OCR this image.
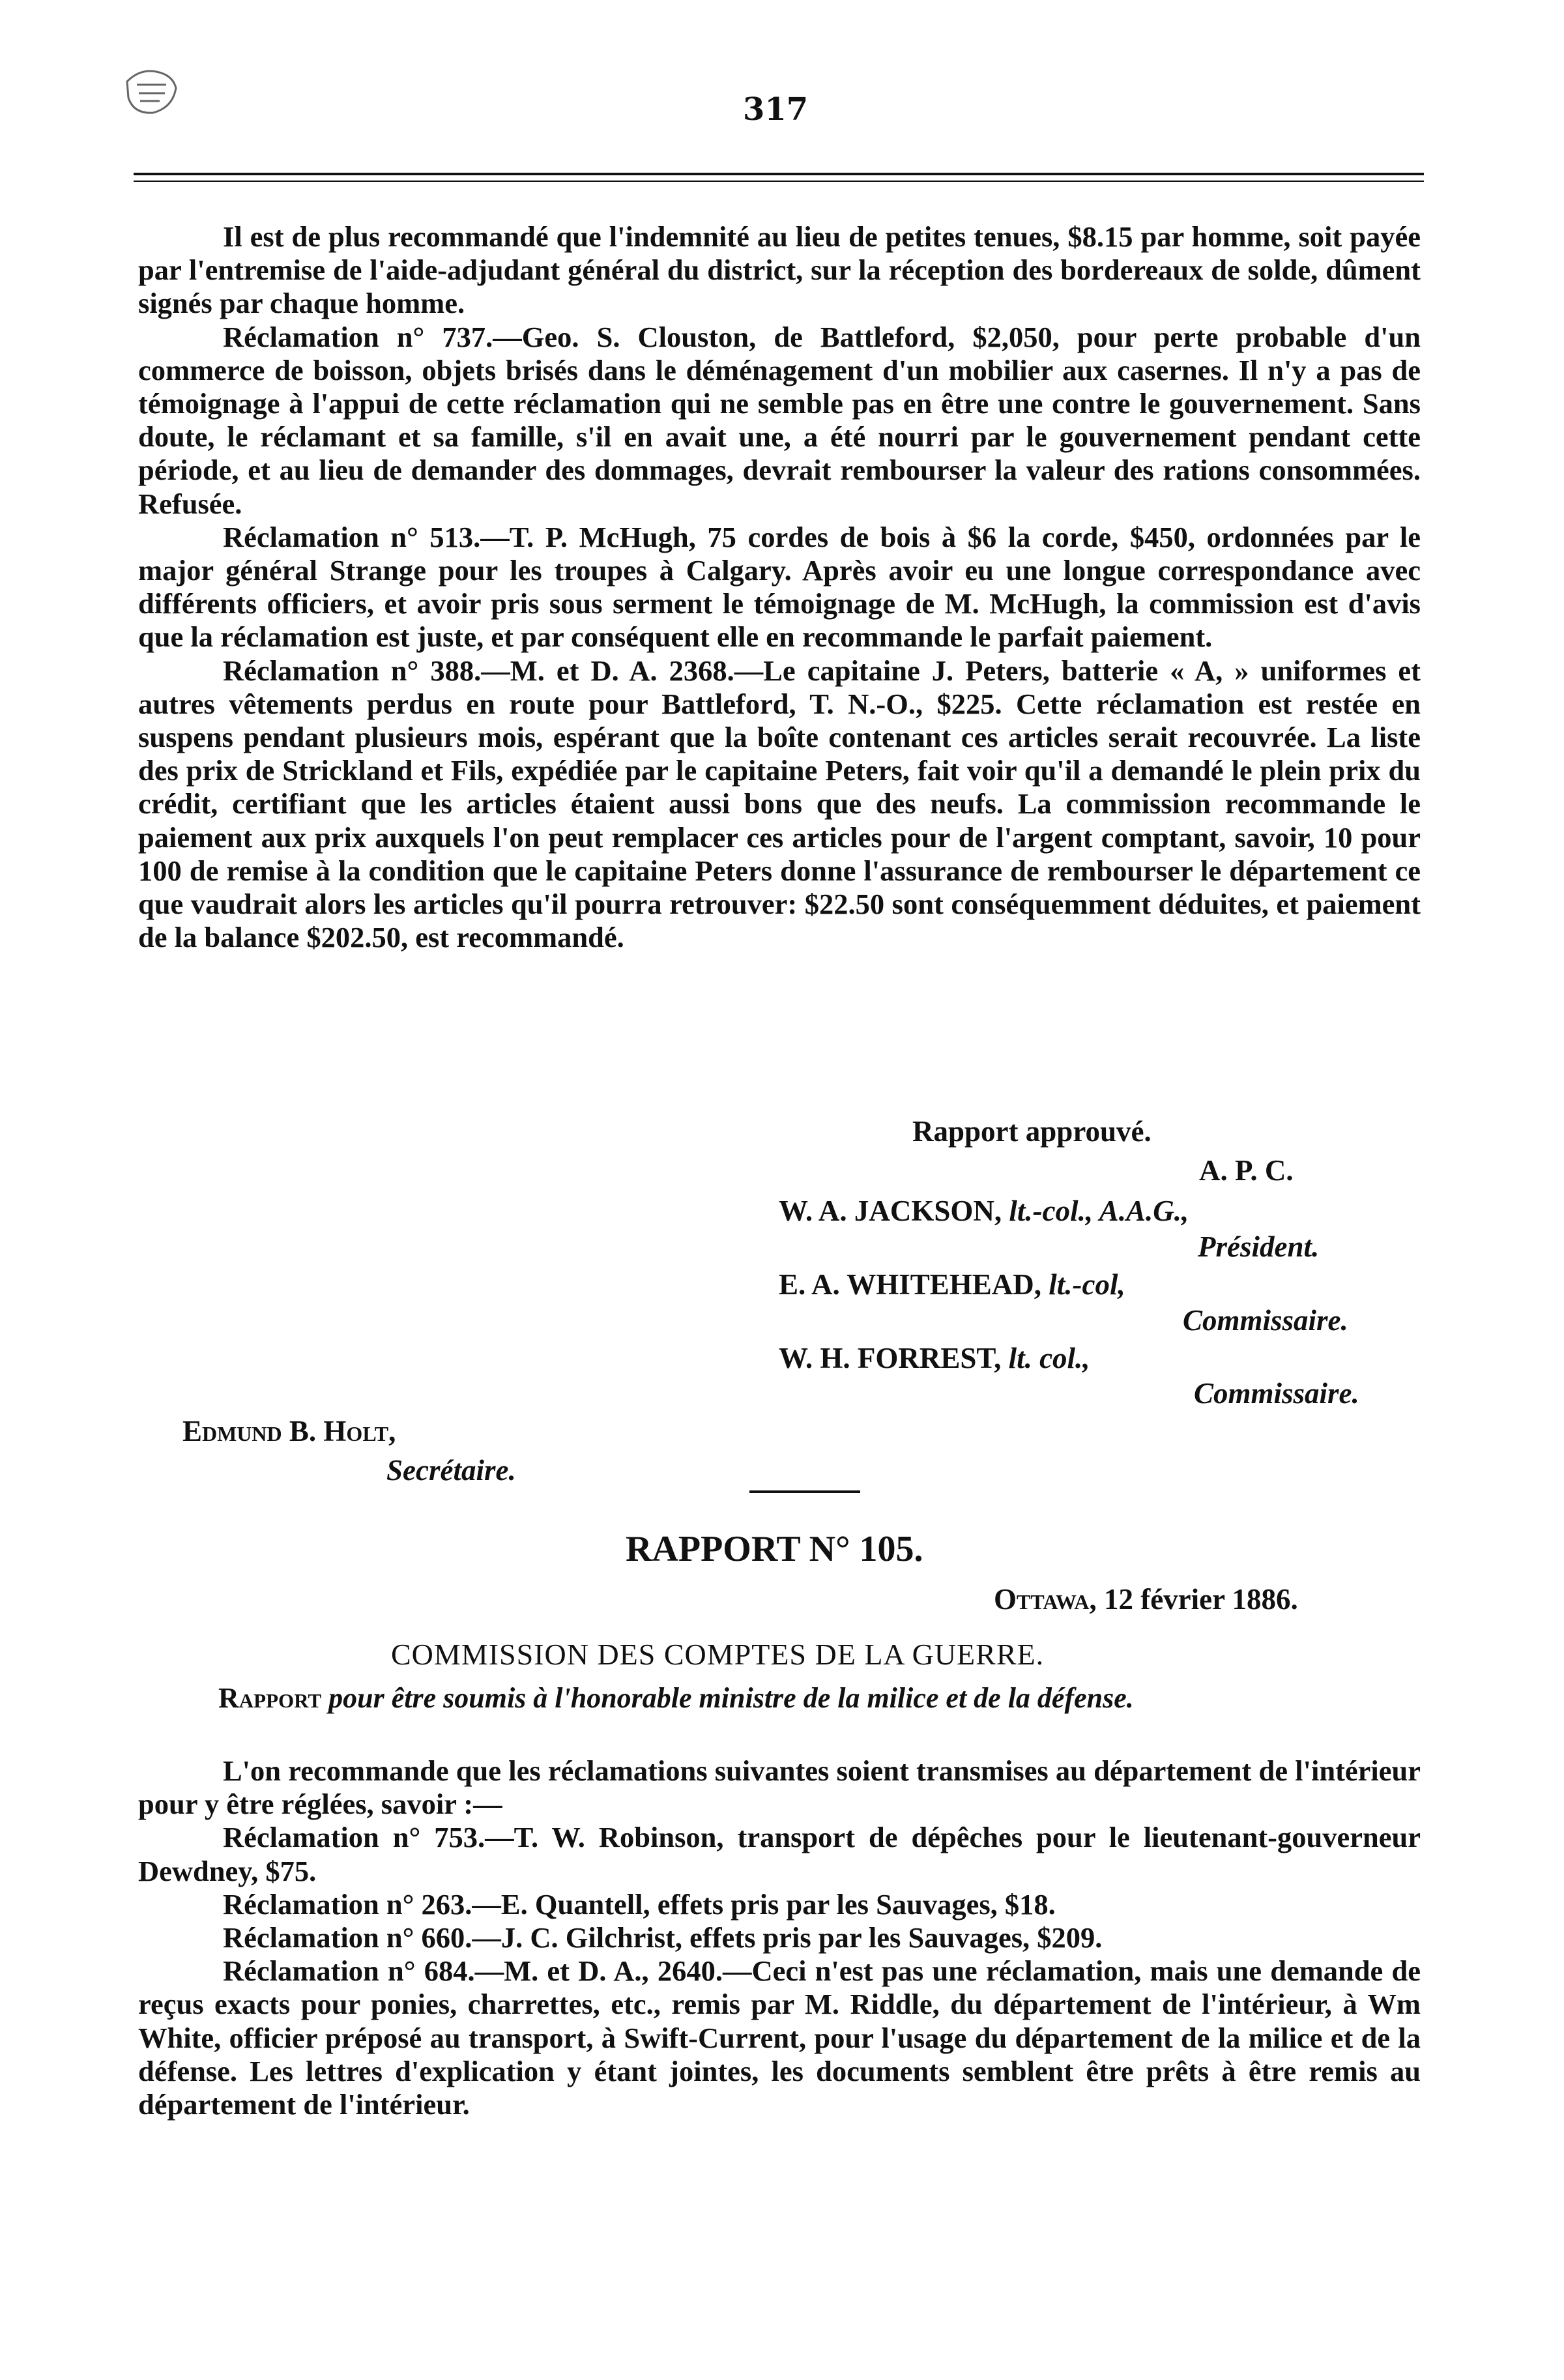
317

Il est de plus recommandé que l'indemnité au lieu de petites tenues, $8.15 par homme, soit payée par l'entremise de l'aide-adjudant général du district, sur la réception des bordereaux de solde, dûment signés par chaque homme.

Réclamation n° 737.—Geo. S. Clouston, de Battleford, $2,050, pour perte probable d'un commerce de boisson, objets brisés dans le déménagement d'un mobilier aux casernes. Il n'y a pas de témoignage à l'appui de cette réclamation qui ne semble pas en être une contre le gouvernement. Sans doute, le réclamant et sa famille, s'il en avait une, a été nourri par le gouvernement pendant cette période, et au lieu de demander des dommages, devrait rembourser la valeur des rations consommées. Refusée.

Réclamation n° 513.—T. P. McHugh, 75 cordes de bois à $6 la corde, $450, ordonnées par le major général Strange pour les troupes à Calgary. Après avoir eu une longue correspondance avec différents officiers, et avoir pris sous serment le témoignage de M. McHugh, la commission est d'avis que la réclamation est juste, et par conséquent elle en recommande le parfait paiement.

Réclamation n° 388.—M. et D. A. 2368.—Le capitaine J. Peters, batterie « A, » uniformes et autres vêtements perdus en route pour Battleford, T. N.-O., $225. Cette réclamation est restée en suspens pendant plusieurs mois, espérant que la boîte contenant ces articles serait recouvrée. La liste des prix de Strickland et Fils, expédiée par le capitaine Peters, fait voir qu'il a demandé le plein prix du crédit, certifiant que les articles étaient aussi bons que des neufs. La commission recommande le paiement aux prix auxquels l'on peut remplacer ces articles pour de l'argent comptant, savoir, 10 pour 100 de remise à la condition que le capitaine Peters donne l'assurance de rembourser le département ce que vaudrait alors les articles qu'il pourra retrouver: $22.50 sont conséquemment déduites, et paiement de la balance $202.50, est recommandé.

Rapport approuvé.
A. P. C.
W. A. JACKSON, lt.-col., A.A.G.,
Président.
E. A. WHITEHEAD, lt.-col,
Commissaire.
W. H. FORREST, lt. col.,
Commissaire.
Edmund B. Holt,
Secrétaire.
RAPPORT N° 105.
Ottawa, 12 février 1886.
COMMISSION DES COMPTES DE LA GUERRE.
Rapport pour être soumis à l'honorable ministre de la milice et de la défense.

L'on recommande que les réclamations suivantes soient transmises au département de l'intérieur pour y être réglées, savoir :—

Réclamation n° 753.—T. W. Robinson, transport de dépêches pour le lieutenant-gouverneur Dewdney, $75.

Réclamation n° 263.—E. Quantell, effets pris par les Sauvages, $18.

Réclamation n° 660.—J. C. Gilchrist, effets pris par les Sauvages, $209.

Réclamation n° 684.—M. et D. A., 2640.—Ceci n'est pas une réclamation, mais une demande de reçus exacts pour ponies, charrettes, etc., remis par M. Riddle, du département de l'intérieur, à Wm White, officier préposé au transport, à Swift-Current, pour l'usage du département de la milice et de la défense. Les lettres d'explication y étant jointes, les documents semblent être prêts à être remis au département de l'intérieur.
